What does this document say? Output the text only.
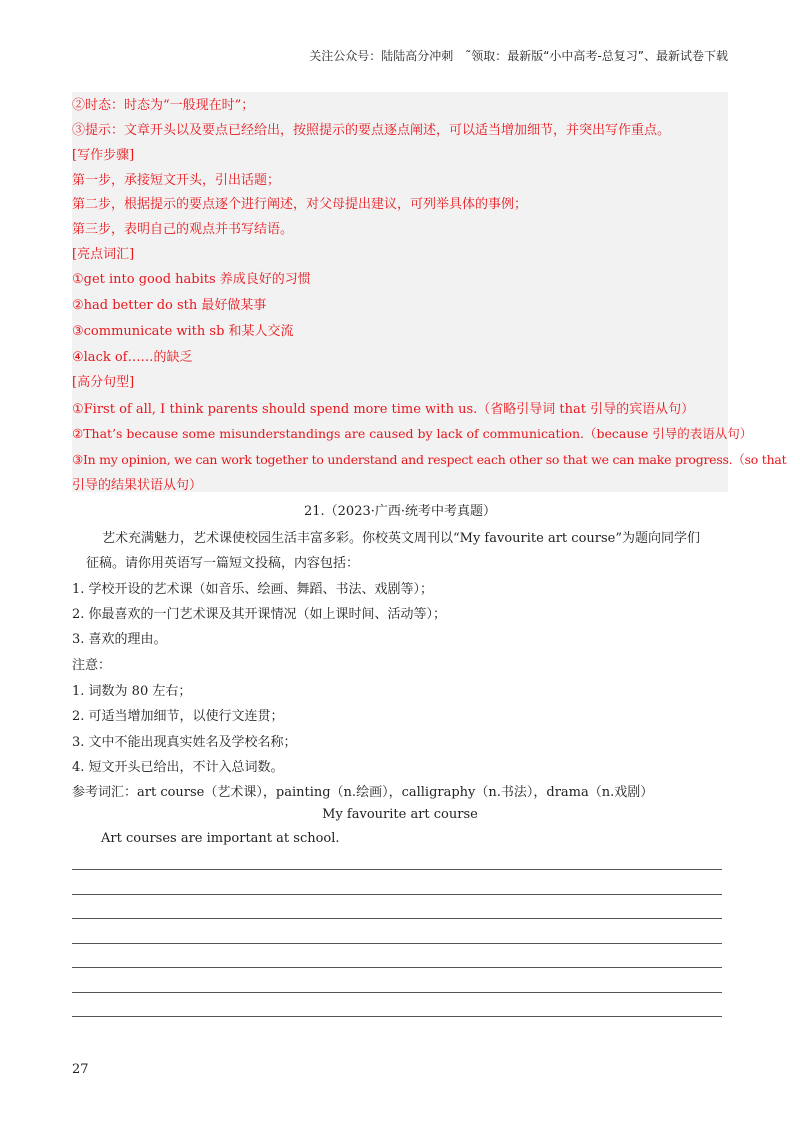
关注公众号：陆陆高分冲刺　˜领取：最新版“小中高考-总复习”、最新试卷下载
②时态：时态为“一般现在时”；
③提示：文章开头以及要点已经给出，按照提示的要点逐点阐述，可以适当增加细节，并突出写作重点。
[写作步骤]
第一步，承接短文开头，引出话题；
第二步，根据提示的要点逐个进行阐述，对父母提出建议，可列举具体的事例；
第三步，表明自己的观点并书写结语。
[亮点词汇]
①get into good habits 养成良好的习惯
②had better do sth 最好做某事
③communicate with sb 和某人交流
④lack of……的缺乏
[高分句型]
①First of all, I think parents should spend more time with us.（省略引导词 that 引导的宾语从句）
②That’s because some misunderstandings are caused by lack of communication.（because 引导的表语从句）
③In my opinion, we can work together to understand and respect each other so that we can make progress.（so that
引导的结果状语从句）
21.（2023·广西·统考中考真题）
艺术充满魅力，艺术课使校园生活丰富多彩。你校英文周刊以“My favourite art course”为题向同学们
征稿。请你用英语写一篇短文投稿，内容包括：
1. 学校开设的艺术课（如音乐、绘画、舞蹈、书法、戏剧等）；
2. 你最喜欢的一门艺术课及其开课情况（如上课时间、活动等）；
3. 喜欢的理由。
注意：
1. 词数为 80 左右；
2. 可适当增加细节，以使行文连贯；
3. 文中不能出现真实姓名及学校名称；
4. 短文开头已给出，不计入总词数。
参考词汇：art course（艺术课），painting（n.绘画），calligraphy（n.书法），drama（n.戏剧）
My favourite art course
Art courses are important at school.
27
